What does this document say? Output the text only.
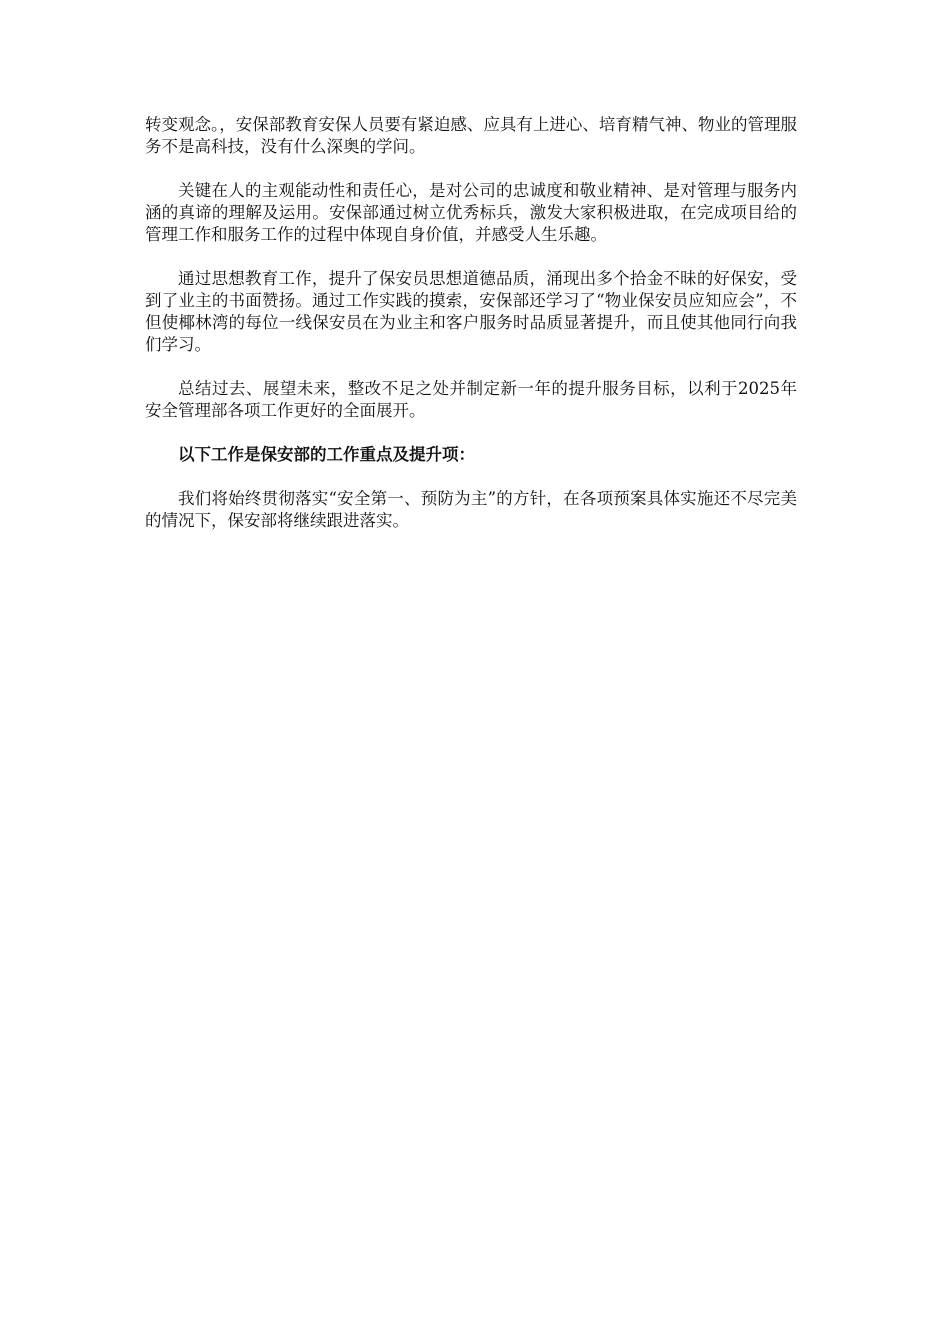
转变观念。，安保部教育安保人员要有紧迫感、应具有上进心、培育精气神、物业的管理服务不是高科技，没有什么深奥的学问。

关键在人的主观能动性和责任心，是对公司的忠诚度和敬业精神、是对管理与服务内涵的真谛的理解及运用。安保部通过树立优秀标兵，激发大家积极进取，在完成项目给的管理工作和服务工作的过程中体现自身价值，并感受人生乐趣。

通过思想教育工作，提升了保安员思想道德品质，涌现出多个拾金不昧的好保安，受到了业主的书面赞扬。通过工作实践的摸索，安保部还学习了“物业保安员应知应会”，不但使椰林湾的每位一线保安员在为业主和客户服务时品质显著提升，而且使其他同行向我们学习。

总结过去、展望未来，整改不足之处并制定新一年的提升服务目标，以利于2025年安全管理部各项工作更好的全面展开。

以下工作是保安部的工作重点及提升项：

我们将始终贯彻落实“安全第一、预防为主”的方针，在各项预案具体实施还不尽完美的情况下，保安部将继续跟进落实。
